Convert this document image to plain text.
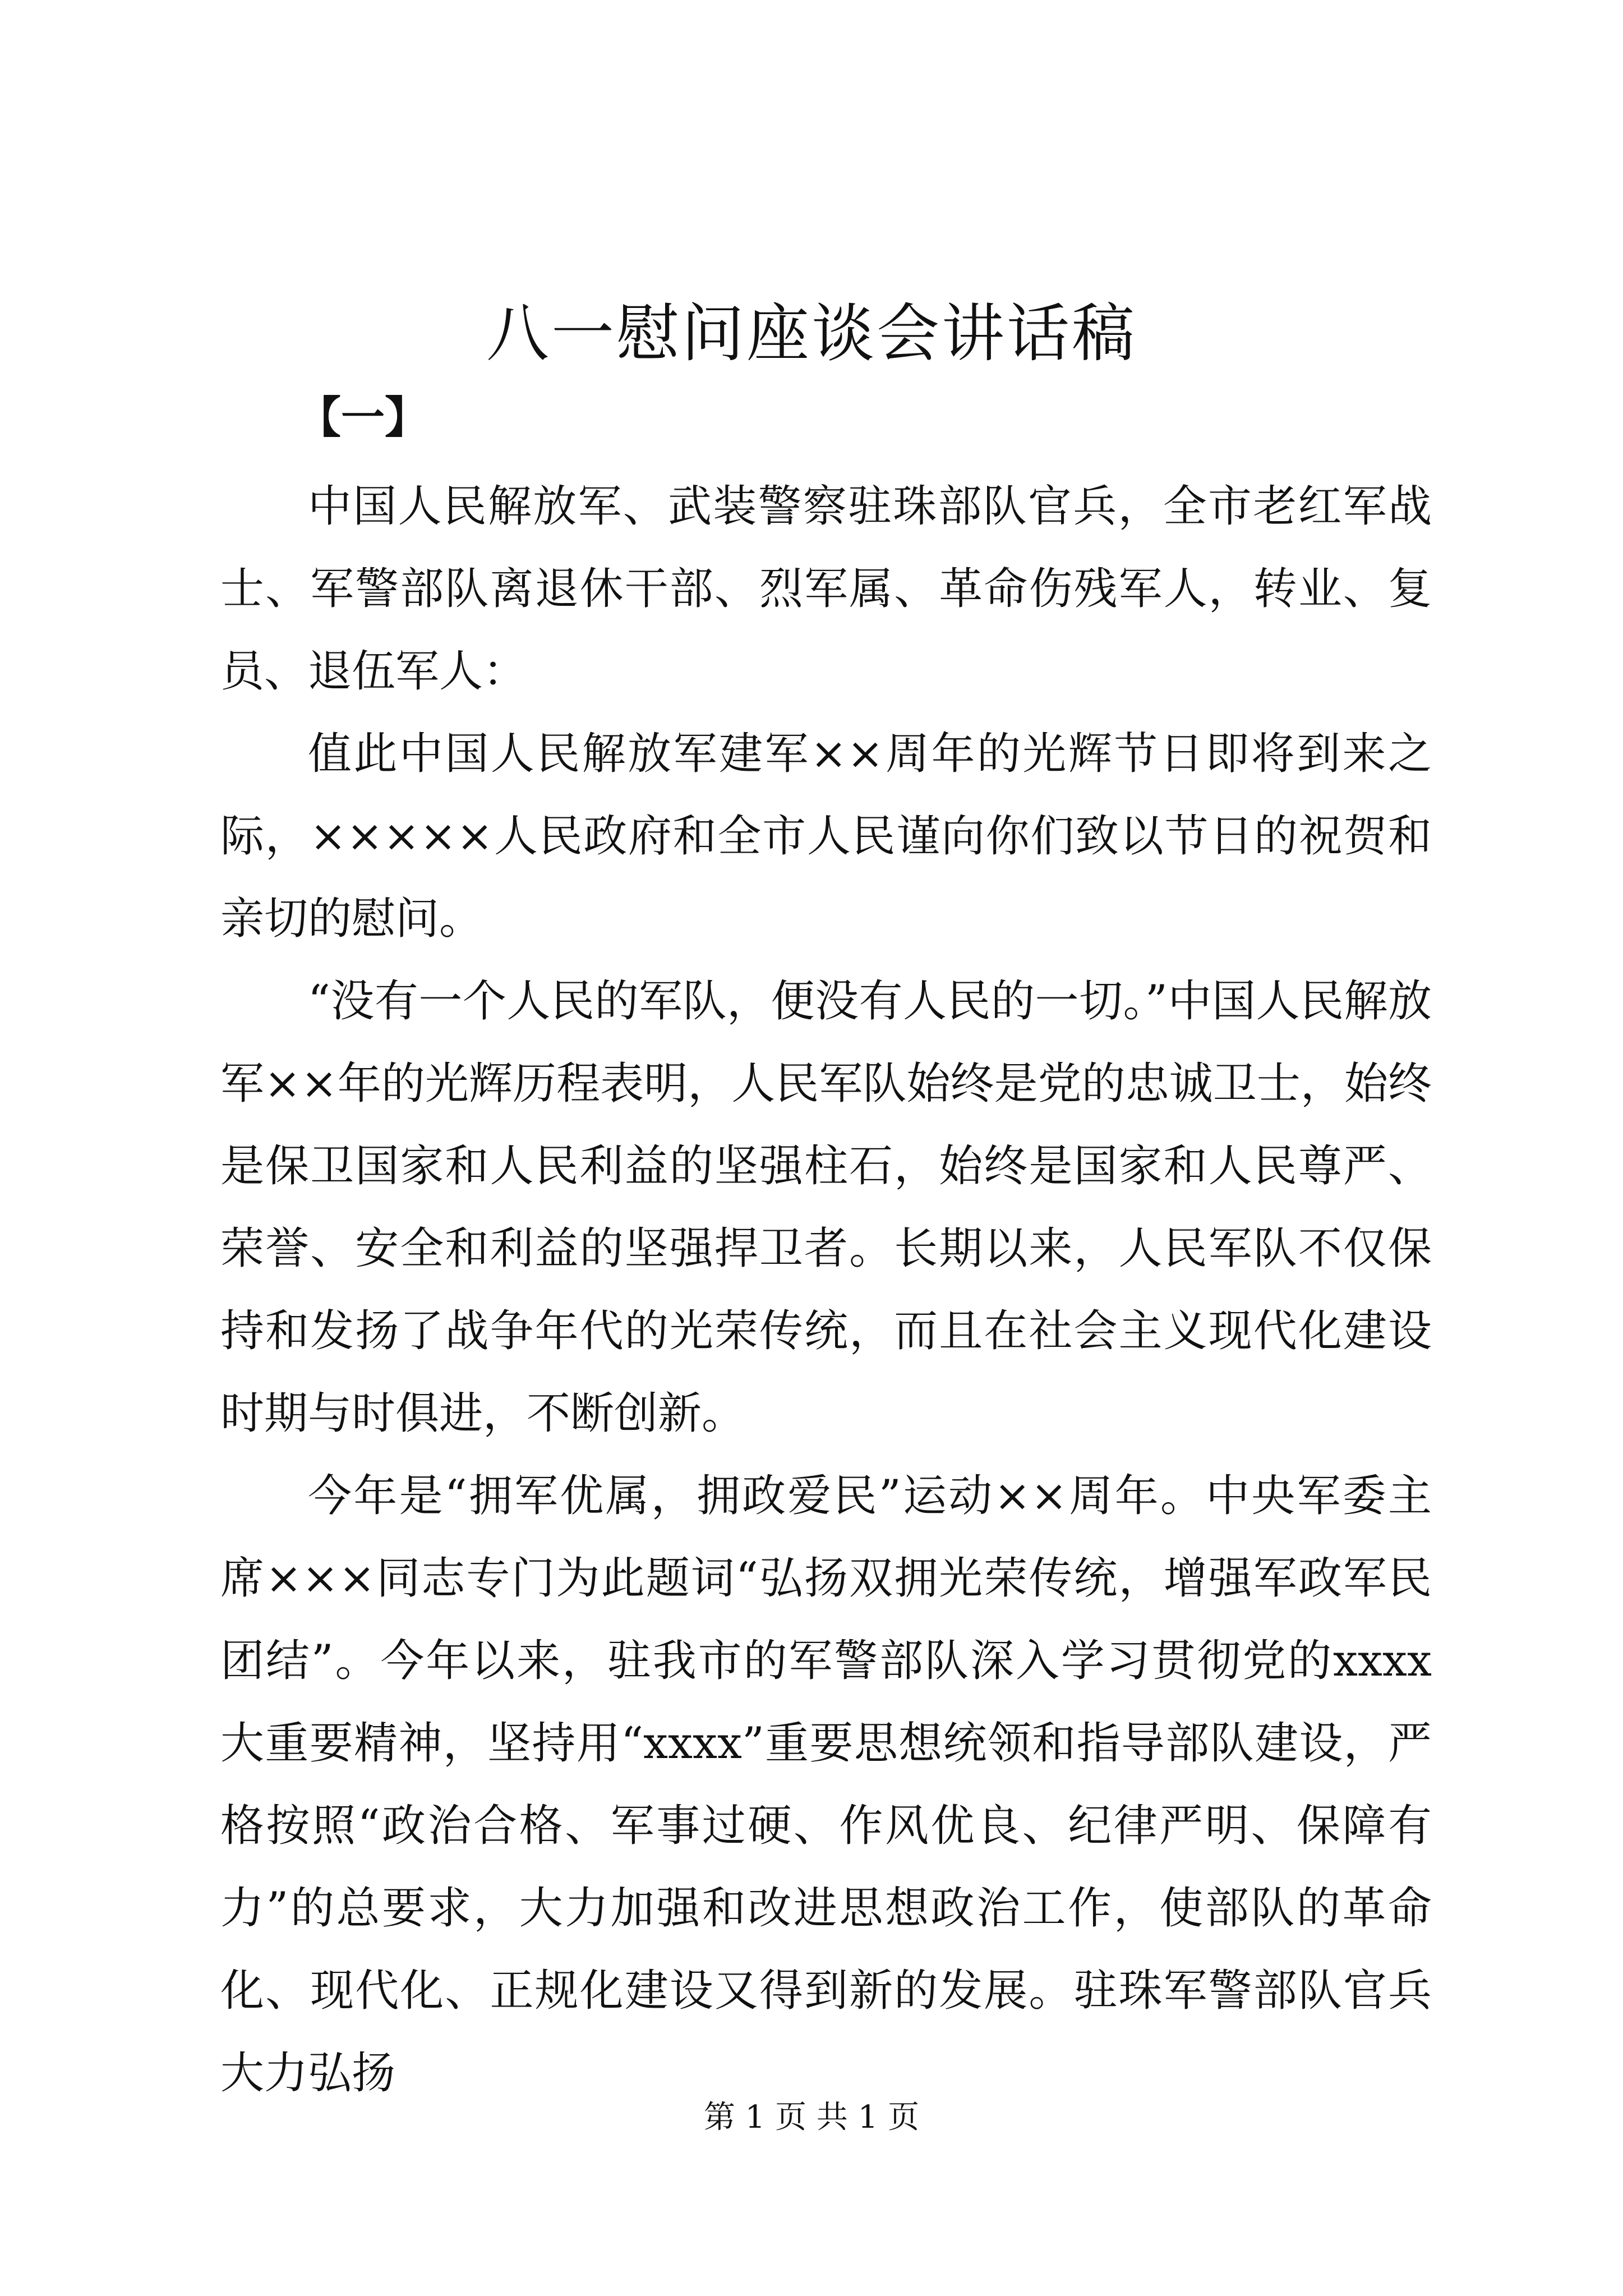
八一慰问座谈会讲话稿
【一】

中国人民解放军、武装警察驻珠部队官兵，全市老红军战士、军警部队离退休干部、烈军属、革命伤残军人，转业、复员、退伍军人：

值此中国人民解放军建军××周年的光辉节日即将到来之际，×××××人民政府和全市人民谨向你们致以节日的祝贺和亲切的慰问。

“没有一个人民的军队，便没有人民的一切。”中国人民解放军××年的光辉历程表明，人民军队始终是党的忠诚卫士，始终是保卫国家和人民利益的坚强柱石，始终是国家和人民尊严、荣誉、安全和利益的坚强捍卫者。长期以来，人民军队不仅保持和发扬了战争年代的光荣传统，而且在社会主义现代化建设时期与时俱进，不断创新。

今年是“拥军优属，拥政爱民”运动××周年。中央军委主席×××同志专门为此题词“弘扬双拥光荣传统，增强军政军民团结”。今年以来，驻我市的军警部队深入学习贯彻党的xxxx大重要精神，坚持用“xxxx”重要思想统领和指导部队建设，严格按照“政治合格、军事过硬、作风优良、纪律严明、保障有力”的总要求，大力加强和改进思想政治工作，使部队的革命化、现代化、正规化建设又得到新的发展。驻珠军警部队官兵大力弘扬

第 1 页 共 1 页
